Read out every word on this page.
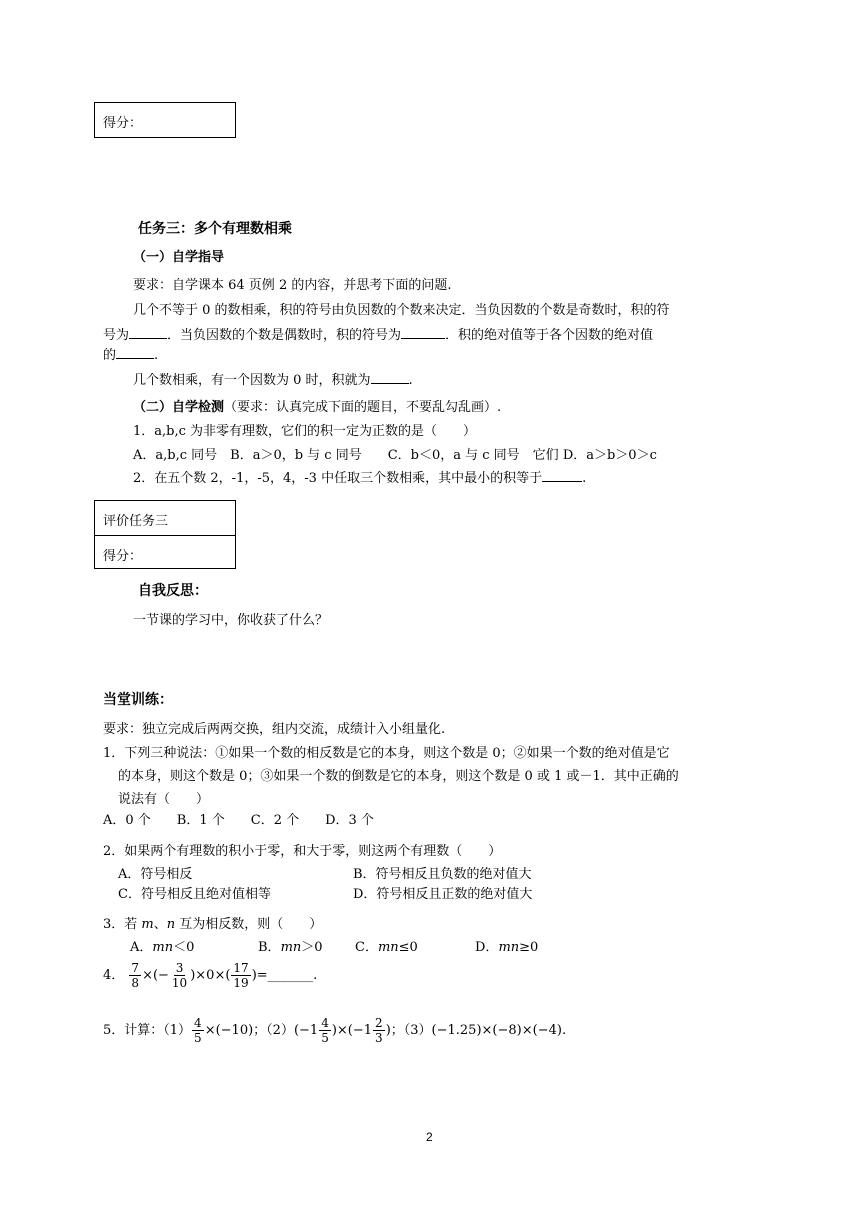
得分：
任务三：多个有理数相乘
（一）自学指导
要求：自学课本 64 页例 2 的内容，并思考下面的问题.
几个不等于 0 的数相乘，积的符号由负因数的个数来决定．当负因数的个数是奇数时，积的符
号为	．当负因数的个数是偶数时，积的符号为	．积的绝对值等于各个因数的绝对值
的	.
几个数相乘，有一个因数为 0 时，积就为	.
（二）自学检测（要求：认真完成下面的题目，不要乱勾乱画）.
1．a,b,c 为非零有理数，它们的积一定为正数的是（　　）
A．a,b,c 同号　B．a＞0，b 与 c 同号　　C．b＜0，a 与 c 同号　它们 D．a＞b＞0＞c
2．在五个数 2，-1，-5，4，-3 中任取三个数相乘，其中最小的积等于	.
评价任务三
得分：
自我反思：
一节课的学习中，你收获了什么？
当堂训练：
要求：独立完成后两两交换，组内交流，成绩计入小组量化.
1．下列三种说法：①如果一个数的相反数是它的本身，则这个数是 0；②如果一个数的绝对值是它
的本身，则这个数是 0；③如果一个数的倒数是它的本身，则这个数是 0 或 1 或－1．其中正确的
说法有（　　）
A．0 个　　B．1 个　　C．2 个　　D．3 个
2．如果两个有理数的积小于零，和大于零，则这两个有理数（　　）
A．符号相反	B．符号相反且负数的绝对值大
C．符号相反且绝对值相等	D．符号相反且正数的绝对值大
3．若 m、n 互为相反数，则（　　）
A．mn＜0	B．mn＞0 C．mn≤0	D．mn≥0
4． $\frac{7}{8}$ ×(− $\frac{3}{10} )\times 0\times( \frac{17}{19}$ )=_______.
5．计算：$(1) \frac{4}{5} \times(-10)$；$(2)(-1 \frac{4}{5} )\times(-1 \frac{2}{3}$ )；（3）(−1.25)×(−8)×(−4).
2
